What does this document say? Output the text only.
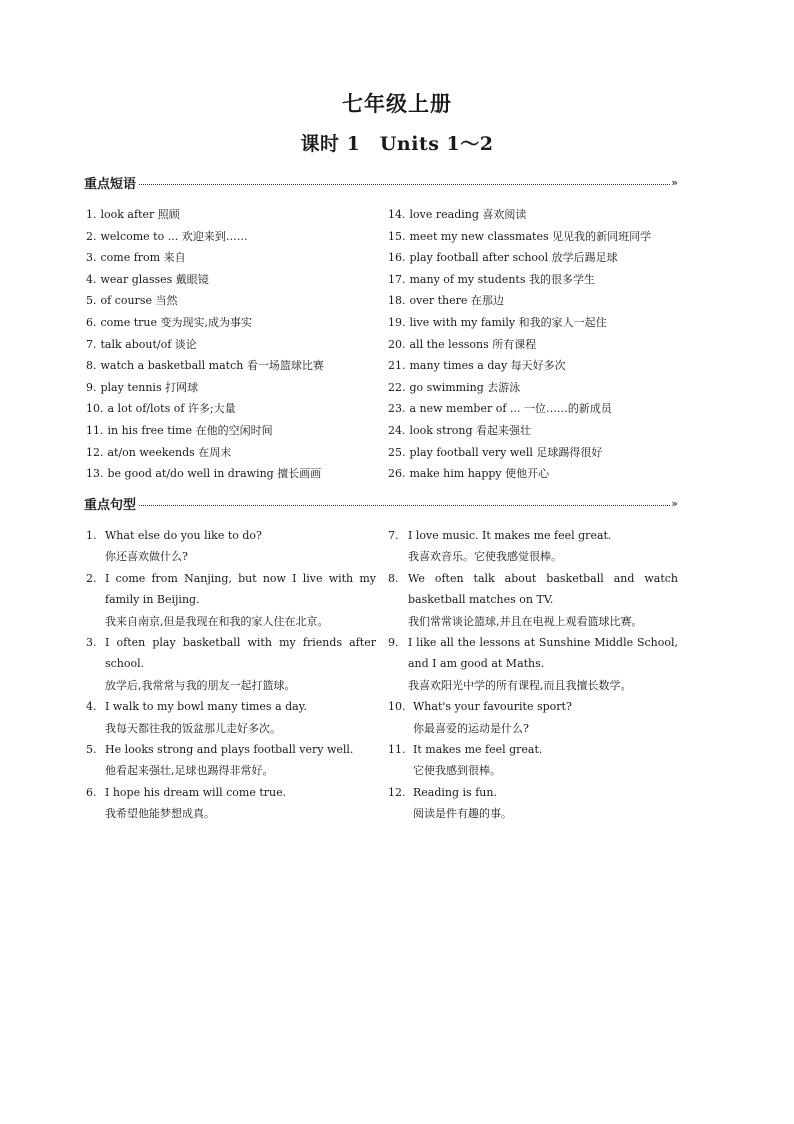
七年级上册
课时 1　Units 1～2
重点短语	»
1. look after 照顾
2. welcome to ... 欢迎来到……
3. come from 来自
4. wear glasses 戴眼镜
5. of course 当然
6. come true 变为现实,成为事实
7. talk about/of 谈论
8. watch a basketball match 看一场篮球比赛
9. play tennis 打网球
10. a lot of/lots of 许多;大量
11. in his free time 在他的空闲时间
12. at/on weekends 在周末
13. be good at/do well in drawing 擅长画画
14. love reading 喜欢阅读
15. meet my new classmates 见见我的新同班同学
16. play football after school 放学后踢足球
17. many of my students 我的很多学生
18. over there 在那边
19. live with my family 和我的家人一起住
20. all the lessons 所有课程
21. many times a day 每天好多次
22. go swimming 去游泳
23. a new member of ... 一位……的新成员
24. look strong 看起来强壮
25. play football very well 足球踢得很好
26. make him happy 使他开心
重点句型	»
1. What else do you like to do?
你还喜欢做什么?
2. I come from Nanjing, but now I live with my family in Beijing.
我来自南京,但是我现在和我的家人住在北京。
3. I often play basketball with my friends after school.
放学后,我常常与我的朋友一起打篮球。
4. I walk to my bowl many times a day.
我每天都往我的饭盆那儿走好多次。
5. He looks strong and plays football very well.
他看起来强壮,足球也踢得非常好。
6. I hope his dream will come true.
我希望他能梦想成真。
7. I love music. It makes me feel great.
我喜欢音乐。它使我感觉很棒。
8. We often talk about basketball and watch basketball matches on TV.
我们常常谈论篮球,并且在电视上观看篮球比赛。
9. I like all the lessons at Sunshine Middle School, and I am good at Maths.
我喜欢阳光中学的所有课程,而且我擅长数学。
10. What's your favourite sport?
你最喜爱的运动是什么?
11. It makes me feel great.
它使我感到很棒。
12. Reading is fun.
阅读是件有趣的事。
